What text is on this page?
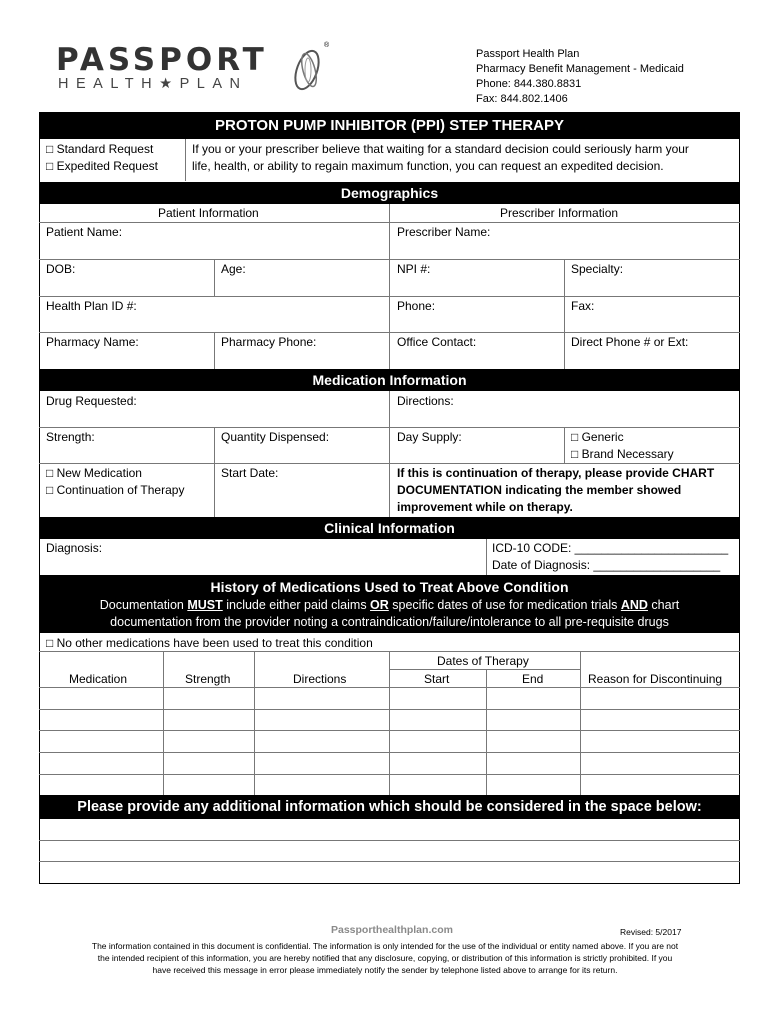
PASSPORT
HEALTH★PLAN
®
Passport Health Plan
Pharmacy Benefit Management - Medicaid
Phone: 844.380.8831
Fax: 844.802.1406
PROTON PUMP INHIBITOR (PPI) STEP THERAPY
□ Standard Request
□ Expedited Request
If you or your prescriber believe that waiting for a standard decision could seriously harm your
life, health, or ability to regain maximum function, you can request an expedited decision.
Demographics
Patient Information	Prescriber Information
Patient Name:	Prescriber Name:
DOB:	Age:	NPI #:	Specialty:
Health Plan ID #:	Phone:	Fax:
Pharmacy Name:	Pharmacy Phone:	Office Contact:	Direct Phone # or Ext:
Medication Information
Drug Requested:	Directions:
Strength:	Quantity Dispensed:	Day Supply:	□ Generic
□ Brand Necessary
□ New Medication
□ Continuation of Therapy
Start Date:	If this is continuation of therapy, please provide CHART
DOCUMENTATION indicating the member showed
improvement while on therapy.
Clinical Information
Diagnosis:	ICD-10 CODE: _______________________
Date of Diagnosis: ___________________
History of Medications Used to Treat Above Condition
Documentation MUST include either paid claims OR specific dates of use for medication trials AND chart
documentation from the provider noting a contraindication/failure/intolerance to all pre-requisite drugs
□ No other medications have been used to treat this condition
Dates of Therapy
Medication	Strength	Directions	Start	End	Reason for Discontinuing
Please provide any additional information which should be considered in the space below:
Passporthealthplan.com	Revised: 5/2017
The information contained in this document is confidential. The information is only intended for the use of the individual or entity named above. If you are not
the intended recipient of this information, you are hereby notified that any disclosure, copying, or distribution of this information is strictly prohibited. If you
have received this message in error please immediately notify the sender by telephone listed above to arrange for its return.
